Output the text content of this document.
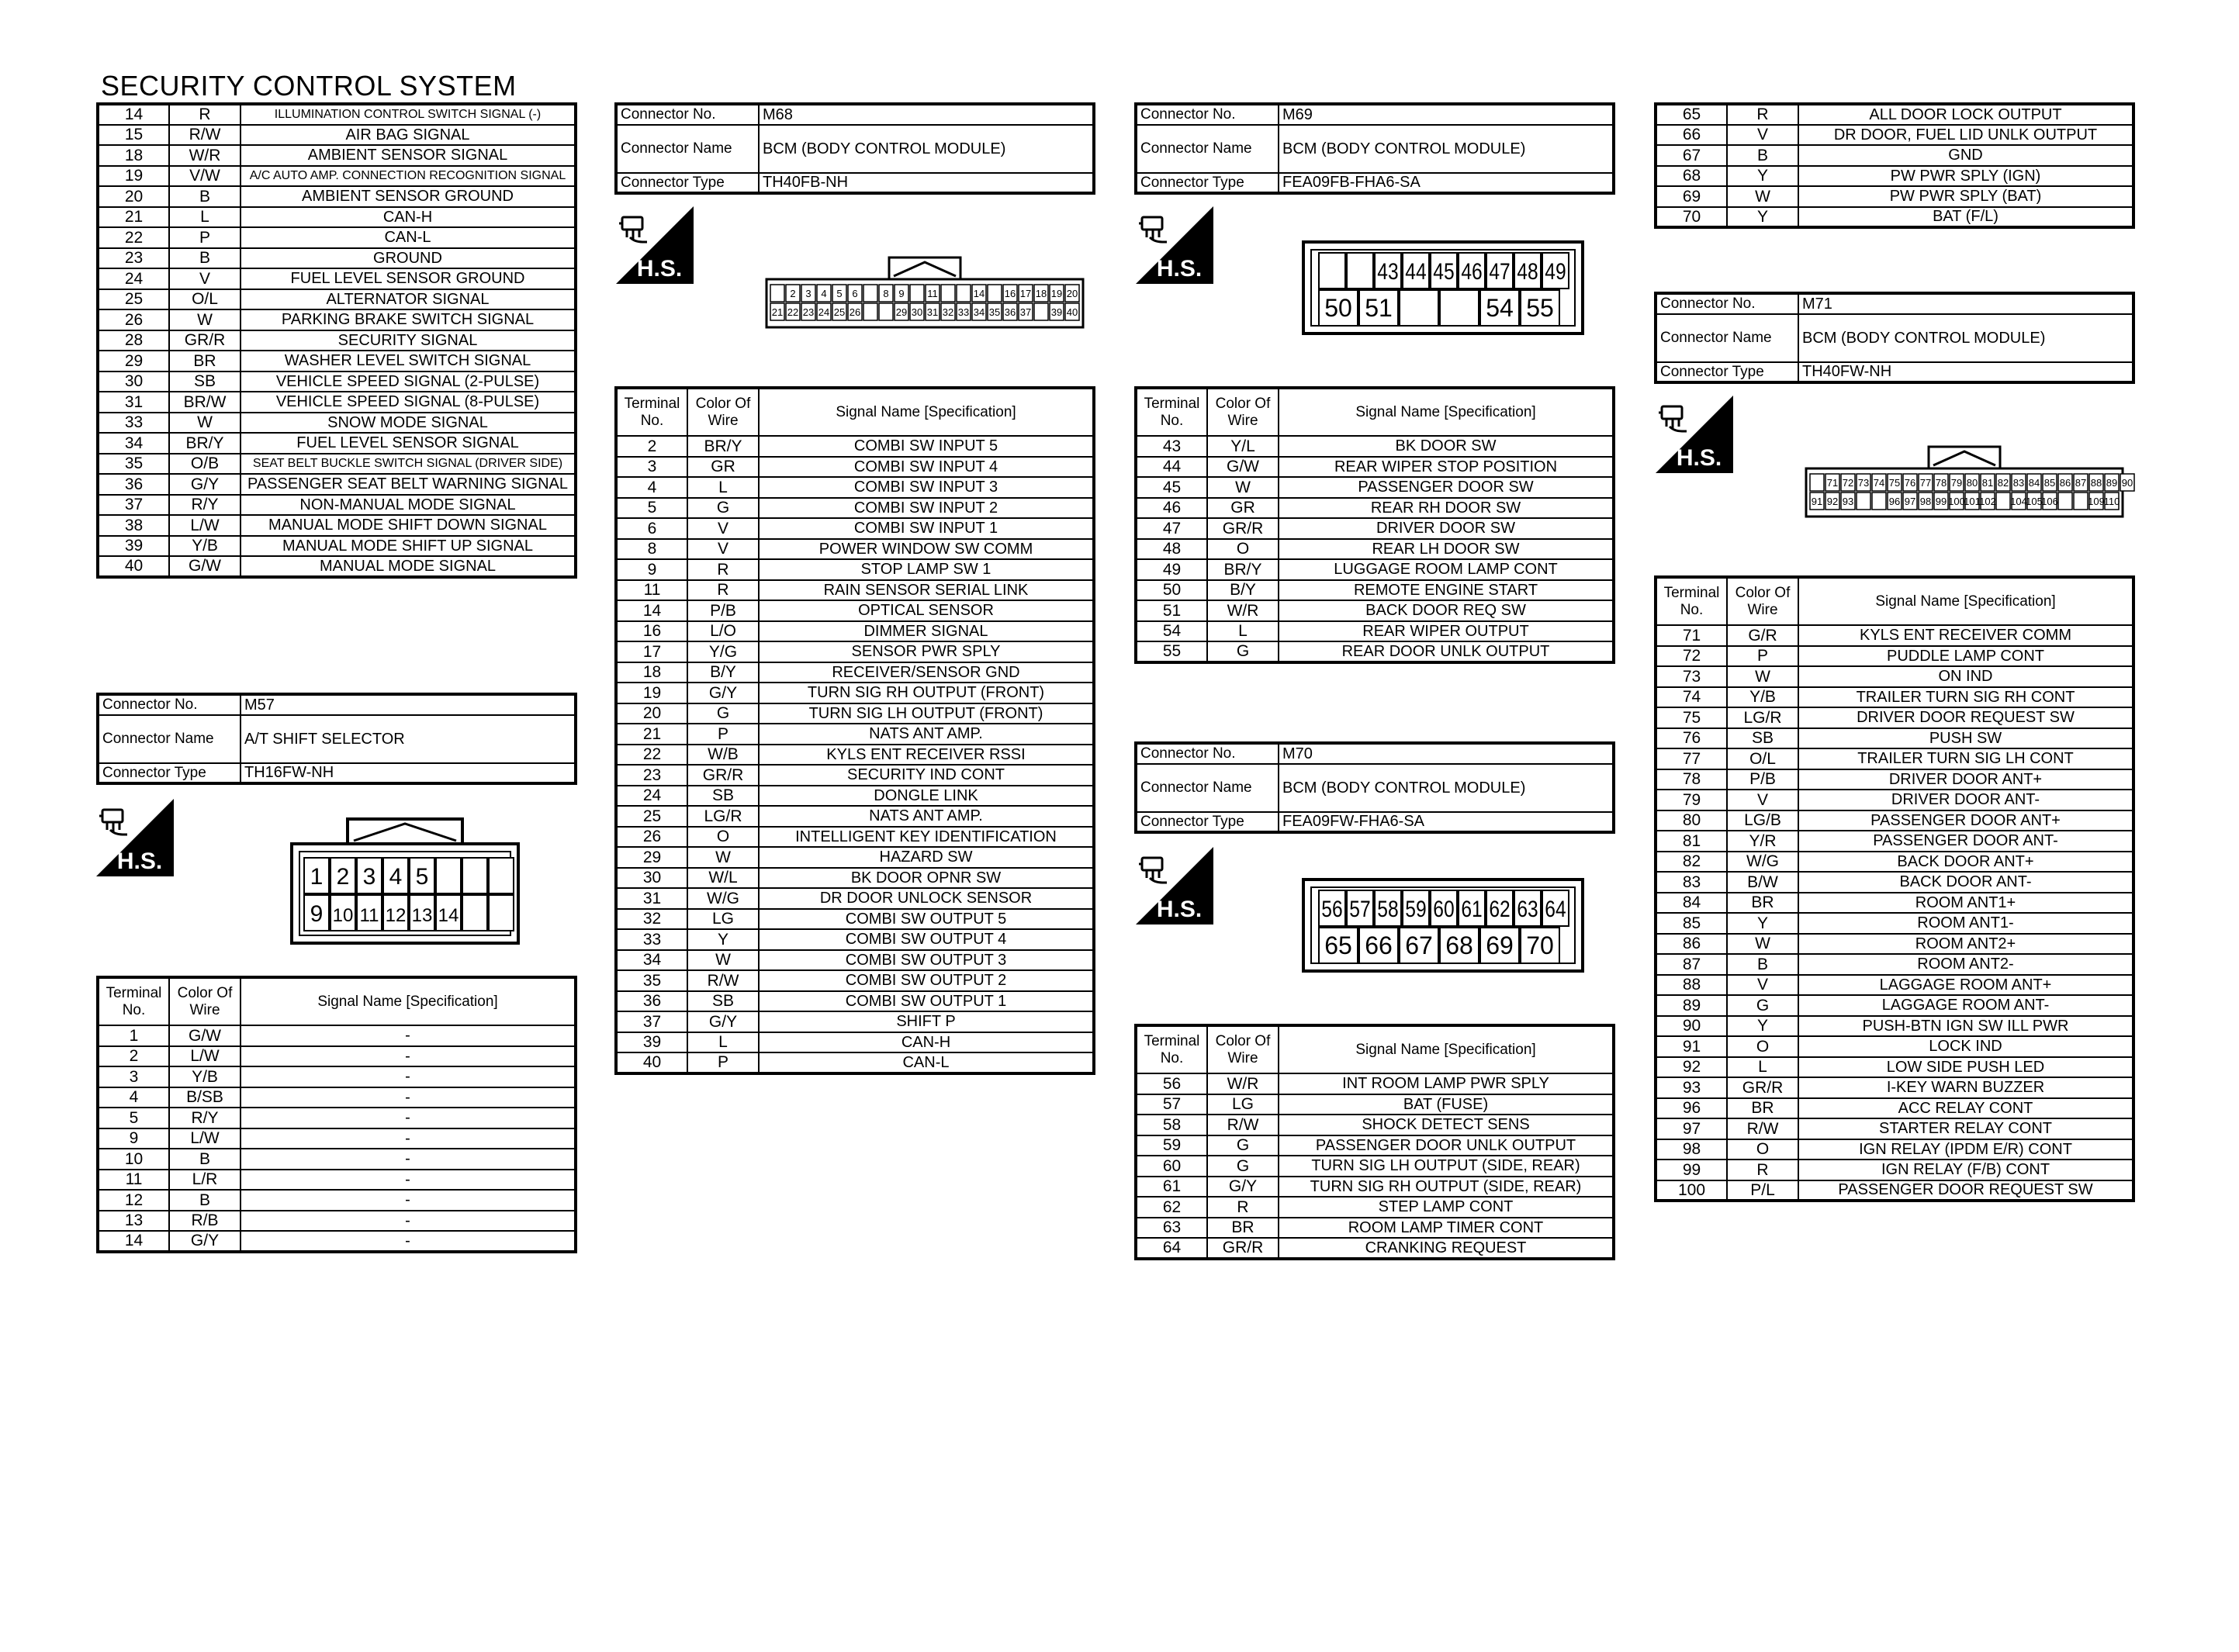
SECURITY CONTROL SYSTEM
14	R	ILLUMINATION CONTROL SWITCH SIGNAL (-)
15	R/W	AIR BAG SIGNAL
18	W/R	AMBIENT SENSOR SIGNAL
19	V/W	A/C AUTO AMP. CONNECTION RECOGNITION SIGNAL
20	B	AMBIENT SENSOR GROUND
21	L	CAN-H
22	P	CAN-L
23	B	GROUND
24	V	FUEL LEVEL SENSOR GROUND
25	O/L	ALTERNATOR SIGNAL
26	W	PARKING BRAKE SWITCH SIGNAL
28	GR/R	SECURITY SIGNAL
29	BR	WASHER LEVEL SWITCH SIGNAL
30	SB	VEHICLE SPEED SIGNAL (2-PULSE)
31	BR/W	VEHICLE SPEED SIGNAL (8-PULSE)
33	W	SNOW MODE SIGNAL
34	BR/Y	FUEL LEVEL SENSOR SIGNAL
35	O/B	SEAT BELT BUCKLE SWITCH SIGNAL (DRIVER SIDE)
36	G/Y	PASSENGER SEAT BELT WARNING SIGNAL
37	R/Y	NON-MANUAL MODE SIGNAL
38	L/W	MANUAL MODE SHIFT DOWN SIGNAL
39	Y/B	MANUAL MODE SHIFT UP SIGNAL
40	G/W	MANUAL MODE SIGNAL
Connector No.	M57
Connector Name	A/T SHIFT SELECTOR
Connector Type	TH16FW-NH
H.S.
1 2 3 4 5
9 10 11 12 13 14
Terminal No.	Color Of Wire	Signal Name [Specification]
1	G/W	-
2	L/W	-
3	Y/B	-
4	B/SB	-
5	R/Y	-
9	L/W	-
10	B	-
11	L/R	-
12	B	-
13	R/B	-
14	G/Y	-
Connector No.	M68
Connector Name	BCM (BODY CONTROL MODULE)
Connector Type	TH40FB-NH
H.S.
2 3 4 5 6	8 9 11	14 16 17 18 19 20
21 22 23 24 25 26	29 30 31 32 33 34 35 36 37 39 40
Terminal No.	Color Of Wire	Signal Name [Specification]
2	BR/Y	COMBI SW INPUT 5
3	GR	COMBI SW INPUT 4
4	L	COMBI SW INPUT 3
5	G	COMBI SW INPUT 2
6	V	COMBI SW INPUT 1
8	V	POWER WINDOW SW COMM
9	R	STOP LAMP SW 1
11	R	RAIN SENSOR SERIAL LINK
14	P/B	OPTICAL SENSOR
16	L/O	DIMMER SIGNAL
17	Y/G	SENSOR PWR SPLY
18	B/Y	RECEIVER/SENSOR GND
19	G/Y	TURN SIG RH OUTPUT (FRONT)
20	G	TURN SIG LH OUTPUT (FRONT)
21	P	NATS ANT AMP.
22	W/B	KYLS ENT RECEIVER RSSI
23	GR/R	SECURITY IND CONT
24	SB	DONGLE LINK
25	LG/R	NATS ANT AMP.
26	O	INTELLIGENT KEY IDENTIFICATION
29	W	HAZARD SW
30	W/L	BK DOOR OPNR SW
31	W/G	DR DOOR UNLOCK SENSOR
32	LG	COMBI SW OUTPUT 5
33	Y	COMBI SW OUTPUT 4
34	W	COMBI SW OUTPUT 3
35	R/W	COMBI SW OUTPUT 2
36	SB	COMBI SW OUTPUT 1
37	G/Y	SHIFT P
39	L	CAN-H
40	P	CAN-L
Connector No.	M69
Connector Name	BCM (BODY CONTROL MODULE)
Connector Type	FEA09FB-FHA6-SA
H.S.	43 44 45 46 47 48 49
50 51	54 55
Terminal No.	Color Of Wire	Signal Name [Specification]
43	Y/L	BK DOOR SW
44	G/W	REAR WIPER STOP POSITION
45	W	PASSENGER DOOR SW
46	GR	REAR RH DOOR SW
47	GR/R	DRIVER DOOR SW
48	O	REAR LH DOOR SW
49	BR/Y	LUGGAGE ROOM LAMP CONT
50	B/Y	REMOTE ENGINE START
51	W/R	BACK DOOR REQ SW
54	L	REAR WIPER OUTPUT
55	G	REAR DOOR UNLK OUTPUT
Connector No.	M70
Connector Name	BCM (BODY CONTROL MODULE)
Connector Type	FEA09FW-FHA6-SA
H.S.	56 57 58 59 60 61 62 63 64
65 66 67 68 69 70
Terminal No.	Color Of Wire	Signal Name [Specification]
56	W/R	INT ROOM LAMP PWR SPLY
57	LG	BAT (FUSE)
58	R/W	SHOCK DETECT SENS
59	G	PASSENGER DOOR UNLK OUTPUT
60	G	TURN SIG LH OUTPUT (SIDE, REAR)
61	G/Y	TURN SIG RH OUTPUT (SIDE, REAR)
62	R	STEP LAMP CONT
63	BR	ROOM LAMP TIMER CONT
64	GR/R	CRANKING REQUEST
65	R	ALL DOOR LOCK OUTPUT
66	V	DR DOOR, FUEL LID UNLK OUTPUT
67	B	GND
68	Y	PW PWR SPLY (IGN)
69	W	PW PWR SPLY (BAT)
70	Y	BAT (F/L)
Connector No.	M71
Connector Name	BCM (BODY CONTROL MODULE)
Connector Type	TH40FW-NH
H.S.
71 72 73 74 75 76 77 78 79 80 81 82 83 84 85 86 87 88 89 90
91 92 93	96 97 98 99 100
101
102 104
105
106	109
110
Terminal No.	Color Of Wire	Signal Name [Specification]
71	G/R	KYLS ENT RECEIVER COMM
72	P	PUDDLE LAMP CONT
73	W	ON IND
74	Y/B	TRAILER TURN SIG RH CONT
75	LG/R	DRIVER DOOR REQUEST SW
76	SB	PUSH SW
77	O/L	TRAILER TURN SIG LH CONT
78	P/B	DRIVER DOOR ANT+
79	V	DRIVER DOOR ANT-
80	LG/B	PASSENGER DOOR ANT+
81	Y/R	PASSENGER DOOR ANT-
82	W/G	BACK DOOR ANT+
83	B/W	BACK DOOR ANT-
84	BR	ROOM ANT1+
85	Y	ROOM ANT1-
86	W	ROOM ANT2+
87	B	ROOM ANT2-
88	V	LAGGAGE ROOM ANT+
89	G	LAGGAGE ROOM ANT-
90	Y	PUSH-BTN IGN SW ILL PWR
91	O	LOCK IND
92	L	LOW SIDE PUSH LED
93	GR/R	I-KEY WARN BUZZER
96	BR	ACC RELAY CONT
97	R/W	STARTER RELAY CONT
98	O	IGN RELAY (IPDM E/R) CONT
99	R	IGN RELAY (F/B) CONT
100	P/L	PASSENGER DOOR REQUEST SW
